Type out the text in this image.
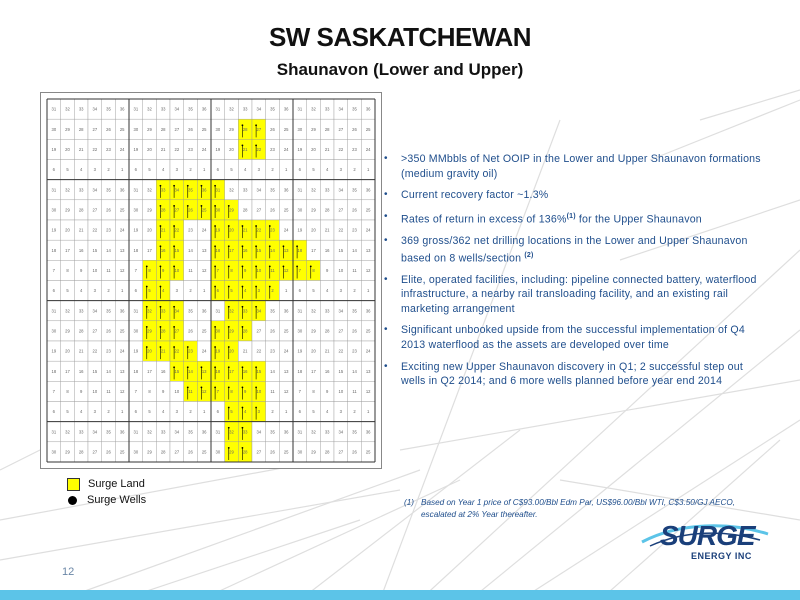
SW SASKATCHEWAN
Shaunavon (Lower and Upper)
31 32 33 34 35 36 31 32 33 34 35 36 31 32 33 34 35 36 31 32 33 34 35 36
30 29 28 27 26 25 30 29 28 27 26 25 30 29 28 27 26 25 30 29 28 27 26 25
19 20 21 22 23 24 19 20 21 22 23 24 19 20 21 22 23 24 19 20 21 22 23 24
6	5	4	3	2	1	6	5	4	3	2	1	6	5	4	3	2	1	6	5	4	3	2	1
31 32 33 34 35 36 31 32 33 34 35 36 31 32 33 34 35 36 31 32 33 34 35 36
30 29 28 27 26 25 30 29 28 27 26 25 30 29 28 27 26 25 30 29 28 27 26 25
19 20 21 22 23 24 19 20 21 22 23 24 19 20 21 22 23 24 19 20 21 22 23 24
18 17 16 15 14 13 18 17 16 15 14 13 18 17 16 15 14 13 18 17 16 15 14 13
7	8	9 10 11 12 7	8	9 10 11 12 7	8	9 10 11 12 7	8	9 10 11 12
6	5	4	3	2	1	6	5	4	3	2	1	6	5	4	3	2	1	6	5	4	3	2	1
31 32 33 34 35 36 31 32 33 34 35 36 31 32 33 34 35 36 31 32 33 34 35 36
30 29 28 27 26 25 30 29 28 27 26 25 30 29 28 27 26 25 30 29 28 27 26 25
19 20 21 22 23 24 19 20 21 22 23 24 19 20 21 22 23 24 19 20 21 22 23 24
18 17 16 15 14 13 18 17 16 15 14 13 18 17 16 15 14 13 18 17 16 15 14 13
7	8	9 10 11 12 7	8	9 10 11 12 7	8	9 10 11 12 7	8	9 10 11 12
6	5	4	3	2	1	6	5	4	3	2	1	6	5	4	3	2	1	6	5	4	3	2	1
31 32 33 34 35 36 31 32 33 34 35 36 31 32 33 34 35 36 31 32 33 34 35 36
30 29 28 27 26 25 30 29 28 27 26 25 30 29 28 27 26 25 30 29 28 27 26 25
Surge Land
Surge Wells
• >350 MMbbls of Net OOIP in the Lower and Upper Shaunavon formations (medium gravity oil)
• Current recovery factor ~1.3%
• Rates of return in excess of 136%$^{(1)}$ for the Upper Shaunavon
• 369 gross/362 net drilling locations in the Lower and Upper Shaunavon based on 8 wells/section $^{(2)}$
• Elite, operated facilities, including: pipeline connected battery, waterflood infrastructure, a nearby rail transloading facility, and an existing rail marketing arrangement
• Significant unbooked upside from the successful implementation of Q4 2013 waterflood as the assets are developed over time
• Exciting new Upper Shaunavon discovery in Q1; 2 successful step out wells in Q2 2014; and 6 more wells planned before year end 2014
(1) Based on Year 1 price of C$93.00/Bbl Edm Par, US$96.00/Bbl WTI, C$3.50/GJ AECO, escalated at 2% Year thereafter.
SURGE
ENERGY INC
12
